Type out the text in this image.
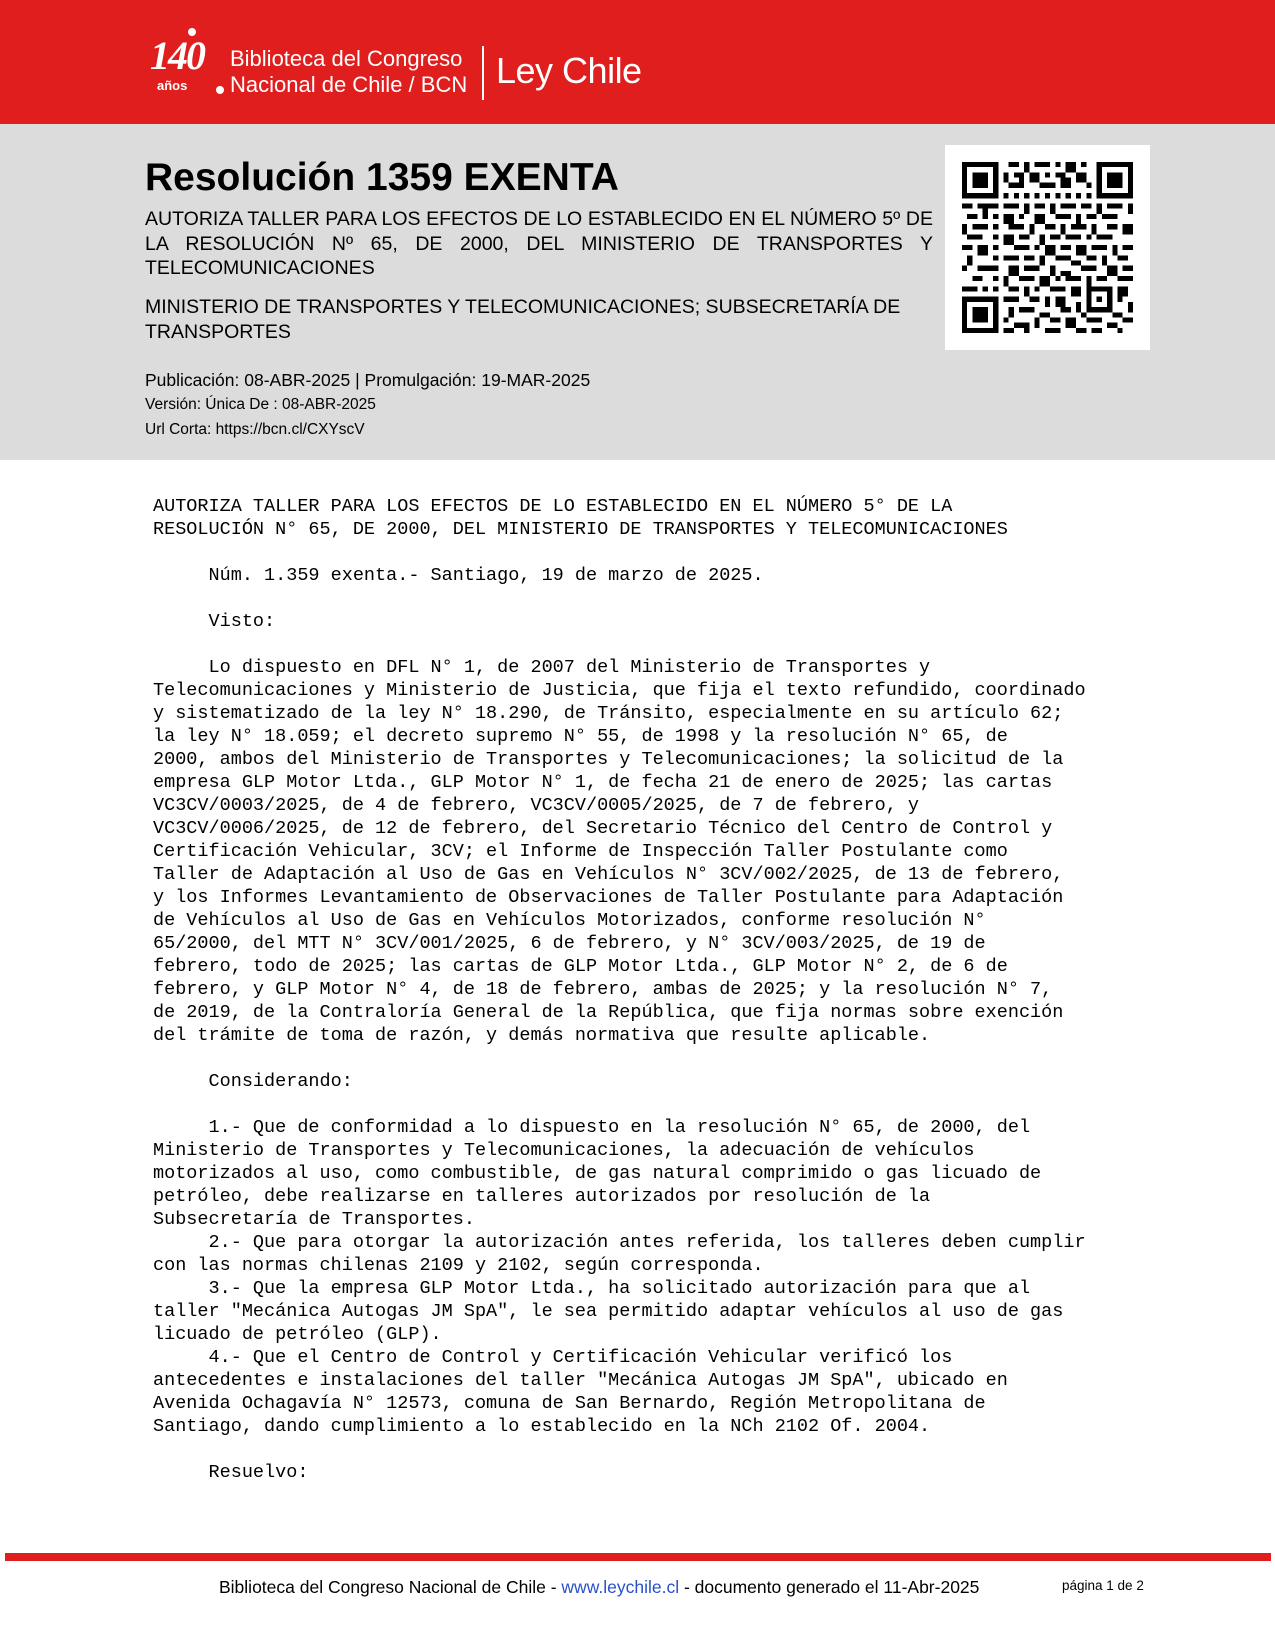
140
años
Biblioteca del Congreso
Nacional de Chile / BCN Ley Chile
Resolución 1359 EXENTA

AUTORIZA TALLER PARA LOS EFECTOS DE LO ESTABLECIDO EN EL NÚMERO 5º DE LA RESOLUCIÓN Nº 65, DE 2000, DEL MINISTERIO DE TRANSPORTES Y TELECOMUNICACIONES

MINISTERIO DE TRANSPORTES Y TELECOMUNICACIONES; SUBSECRETARÍA DE TRANSPORTES

Publicación: 08-ABR-2025 | Promulgación: 19-MAR-2025
Versión: Única De : 08-ABR-2025
Url Corta: https://bcn.cl/CXYscV
AUTORIZA TALLER PARA LOS EFECTOS DE LO ESTABLECIDO EN EL NÚMERO 5° DE LA
RESOLUCIÓN N° 65, DE 2000, DEL MINISTERIO DE TRANSPORTES Y TELECOMUNICACIONES

Núm. 1.359 exenta.- Santiago, 19 de marzo de 2025.

Visto:

Lo dispuesto en DFL N° 1, de 2007 del Ministerio de Transportes y
Telecomunicaciones y Ministerio de Justicia, que fija el texto refundido, coordinado
y sistematizado de la ley N° 18.290, de Tránsito, especialmente en su artículo 62;
la ley N° 18.059; el decreto supremo N° 55, de 1998 y la resolución N° 65, de
2000, ambos del Ministerio de Transportes y Telecomunicaciones; la solicitud de la
empresa GLP Motor Ltda., GLP Motor N° 1, de fecha 21 de enero de 2025; las cartas
VC3CV/0003/2025, de 4 de febrero, VC3CV/0005/2025, de 7 de febrero, y
VC3CV/0006/2025, de 12 de febrero, del Secretario Técnico del Centro de Control y
Certificación Vehicular, 3CV; el Informe de Inspección Taller Postulante como
Taller de Adaptación al Uso de Gas en Vehículos N° 3CV/002/2025, de 13 de febrero,
y los Informes Levantamiento de Observaciones de Taller Postulante para Adaptación
de Vehículos al Uso de Gas en Vehículos Motorizados, conforme resolución N°
65/2000, del MTT N° 3CV/001/2025, 6 de febrero, y N° 3CV/003/2025, de 19 de
febrero, todo de 2025; las cartas de GLP Motor Ltda., GLP Motor N° 2, de 6 de
febrero, y GLP Motor N° 4, de 18 de febrero, ambas de 2025; y la resolución N° 7,
de 2019, de la Contraloría General de la República, que fija normas sobre exención
del trámite de toma de razón, y demás normativa que resulte aplicable.

Considerando:

1.- Que de conformidad a lo dispuesto en la resolución N° 65, de 2000, del
Ministerio de Transportes y Telecomunicaciones, la adecuación de vehículos
motorizados al uso, como combustible, de gas natural comprimido o gas licuado de
petróleo, debe realizarse en talleres autorizados por resolución de la
Subsecretaría de Transportes.
2.- Que para otorgar la autorización antes referida, los talleres deben cumplir
con las normas chilenas 2109 y 2102, según corresponda.
3.- Que la empresa GLP Motor Ltda., ha solicitado autorización para que al
taller "Mecánica Autogas JM SpA", le sea permitido adaptar vehículos al uso de gas
licuado de petróleo (GLP).
4.- Que el Centro de Control y Certificación Vehicular verificó los
antecedentes e instalaciones del taller "Mecánica Autogas JM SpA", ubicado en
Avenida Ochagavía N° 12573, comuna de San Bernardo, Región Metropolitana de
Santiago, dando cumplimiento a lo establecido en la NCh 2102 Of. 2004.

Resuelvo:
Biblioteca del Congreso Nacional de Chile - www.leychile.cl - documento generado el 11-Abr-2025	página 1 de 2
